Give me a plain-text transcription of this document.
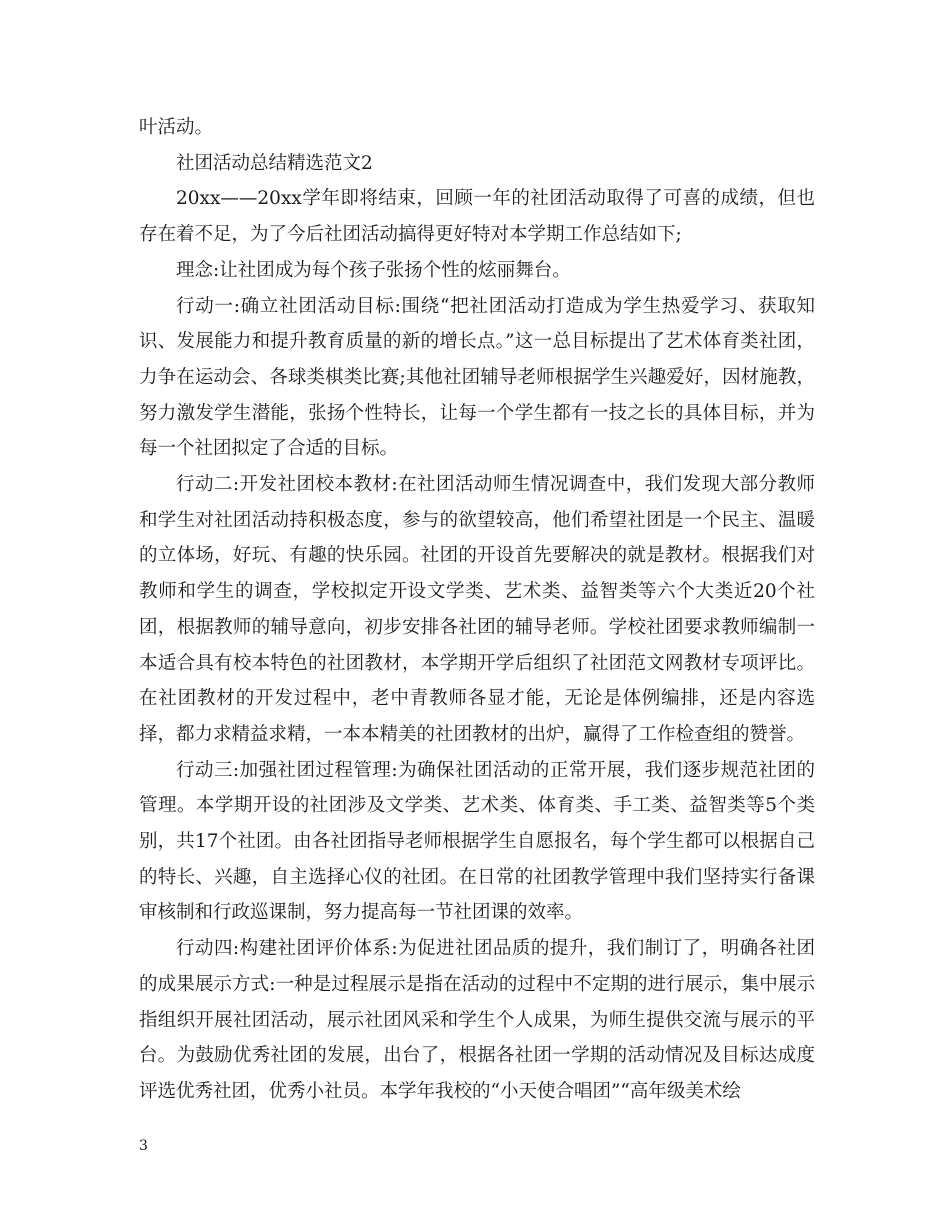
叶活动。

社团活动总结精选范文2

20xx——20xx学年即将结束，回顾一年的社团活动取得了可喜的成绩，但也存在着不足，为了今后社团活动搞得更好特对本学期工作总结如下;

理念:让社团成为每个孩子张扬个性的炫丽舞台。

行动一:确立社团活动目标:围绕“把社团活动打造成为学生热爱学习、获取知识、发展能力和提升教育质量的新的增长点。”这一总目标提出了艺术体育类社团，力争在运动会、各球类棋类比赛;其他社团辅导老师根据学生兴趣爱好，因材施教，努力激发学生潜能，张扬个性特长，让每一个学生都有一技之长的具体目标，并为每一个社团拟定了合适的目标。

行动二:开发社团校本教材:在社团活动师生情况调查中，我们发现大部分教师和学生对社团活动持积极态度，参与的欲望较高，他们希望社团是一个民主、温暖的立体场，好玩、有趣的快乐园。社团的开设首先要解决的就是教材。根据我们对教师和学生的调查，学校拟定开设文学类、艺术类、益智类等六个大类近20个社团，根据教师的辅导意向，初步安排各社团的辅导老师。学校社团要求教师编制一本适合具有校本特色的社团教材，本学期开学后组织了社团范文网教材专项评比。在社团教材的开发过程中，老中青教师各显才能，无论是体例编排，还是内容选择，都力求精益求精，一本本精美的社团教材的出炉，赢得了工作检查组的赞誉。

行动三:加强社团过程管理:为确保社团活动的正常开展，我们逐步规范社团的管理。本学期开设的社团涉及文学类、艺术类、体育类、手工类、益智类等5个类别，共17个社团。由各社团指导老师根据学生自愿报名，每个学生都可以根据自己的特长、兴趣，自主选择心仪的社团。在日常的社团教学管理中我们坚持实行备课审核制和行政巡课制，努力提高每一节社团课的效率。

行动四:构建社团评价体系:为促进社团品质的提升，我们制订了，明确各社团的成果展示方式:一种是过程展示是指在活动的过程中不定期的进行展示，集中展示指组织开展社团活动，展示社团风采和学生个人成果，为师生提供交流与展示的平台。为鼓励优秀社团的发展，出台了，根据各社团一学期的活动情况及目标达成度评选优秀社团，优秀小社员。本学年我校的“小天使合唱团”“高年级美术绘

3
